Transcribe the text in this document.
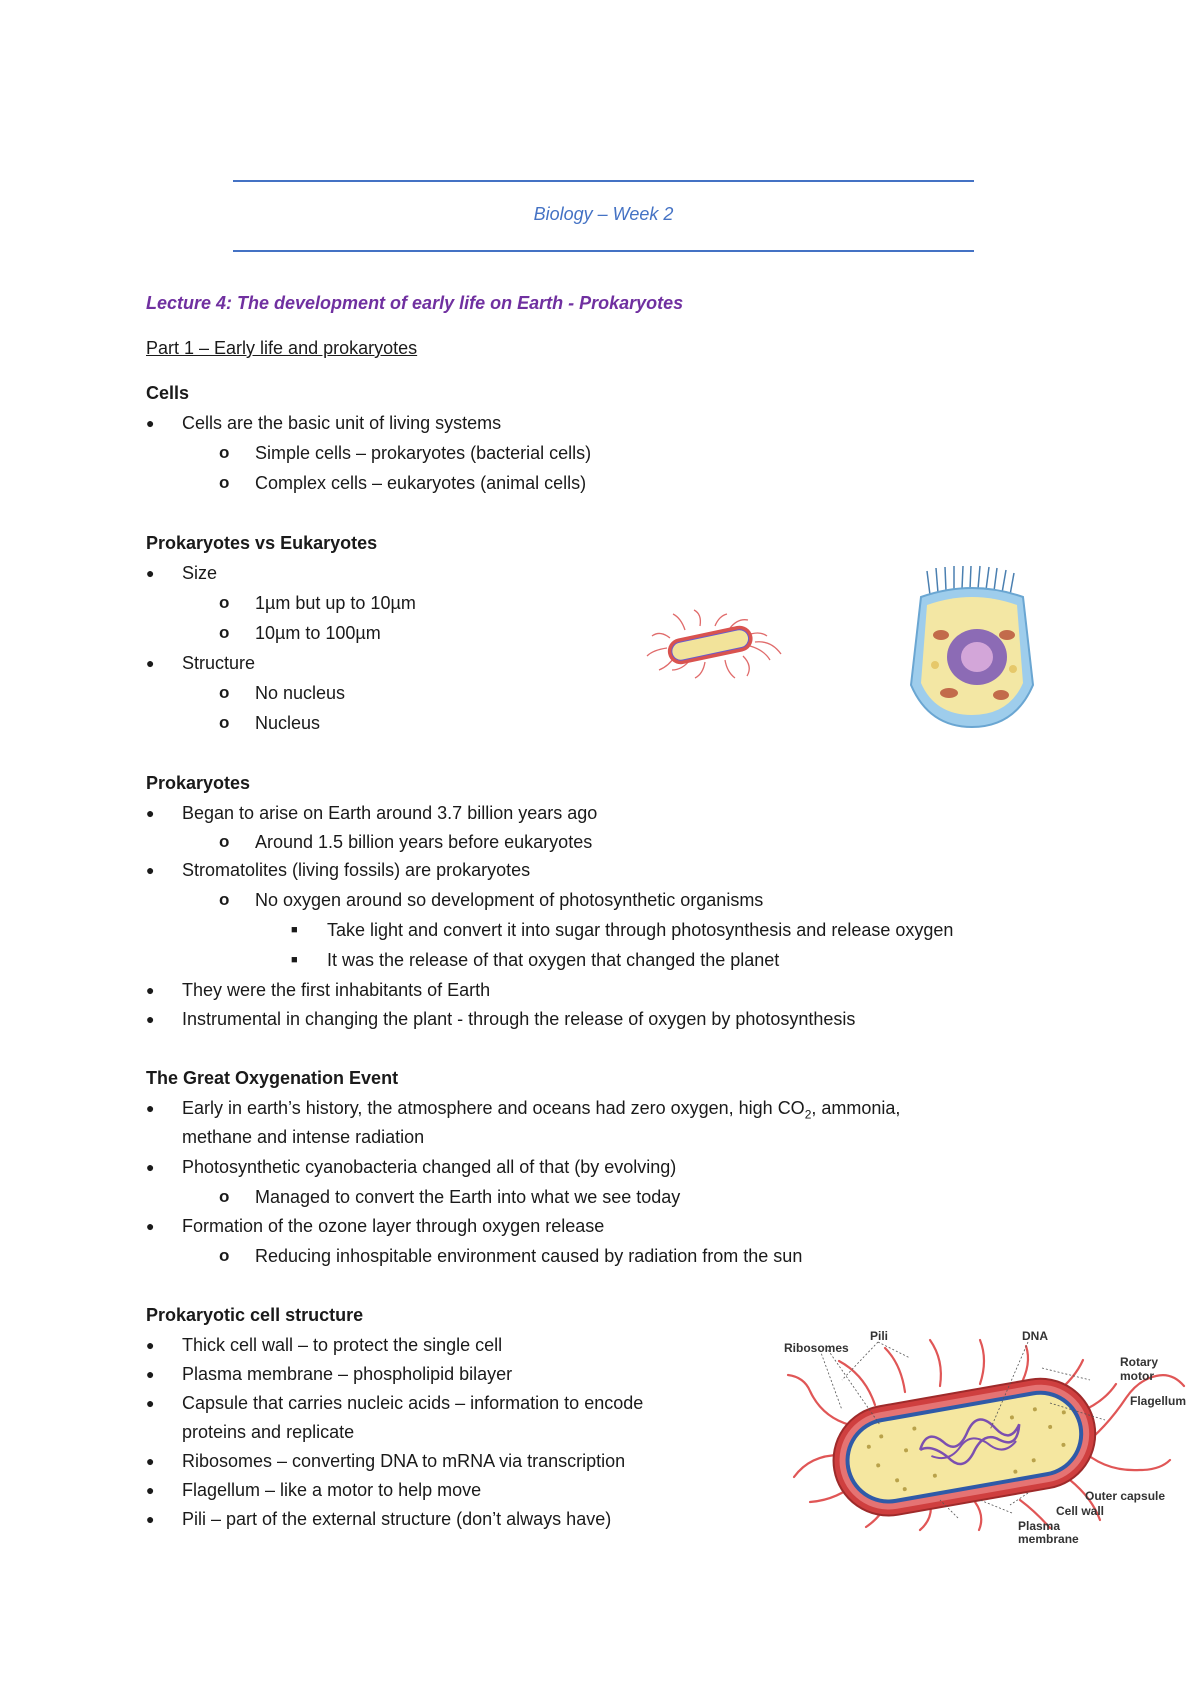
Biology – Week 2
Lecture 4: The development of early life on Earth - Prokaryotes
Part 1 – Early life and prokaryotes
Cells
● Cells are the basic unit of living systems
o Simple cells – prokaryotes (bacterial cells)
o Complex cells – eukaryotes (animal cells)
Prokaryotes vs Eukaryotes
● Size
o 1µm but up to 10µm
o 10µm to 100µm
● Structure
o No nucleus
o Nucleus
Prokaryotes
● Began to arise on Earth around 3.7 billion years ago
o Around 1.5 billion years before eukaryotes
● Stromatolites (living fossils) are prokaryotes
o No oxygen around so development of photosynthetic organisms
■ Take light and convert it into sugar through photosynthesis and release oxygen
■ It was the release of that oxygen that changed the planet
● They were the first inhabitants of Earth
● Instrumental in changing the plant - through the release of oxygen by photosynthesis
The Great Oxygenation Event
● Early in earth’s history, the atmosphere and oceans had zero oxygen, high $CO_2$, ammonia,
methane and intense radiation
● Photosynthetic cyanobacteria changed all of that (by evolving)
o Managed to convert the Earth into what we see today
● Formation of the ozone layer through oxygen release
o Reducing inhospitable environment caused by radiation from the sun
Prokaryotic cell structure
● Thick cell wall – to protect the single cell
● Plasma membrane – phospholipid bilayer
● Capsule that carries nucleic acids – information to encode
proteins and replicate
● Ribosomes – converting DNA to mRNA via transcription
● Flagellum – like a motor to help move
● Pili – part of the external structure (don’t always have)
Ribosomes
Pili	DNA
Rotary
motor
Flagellum
Outer capsule
Cell wall
Plasma
membrane
